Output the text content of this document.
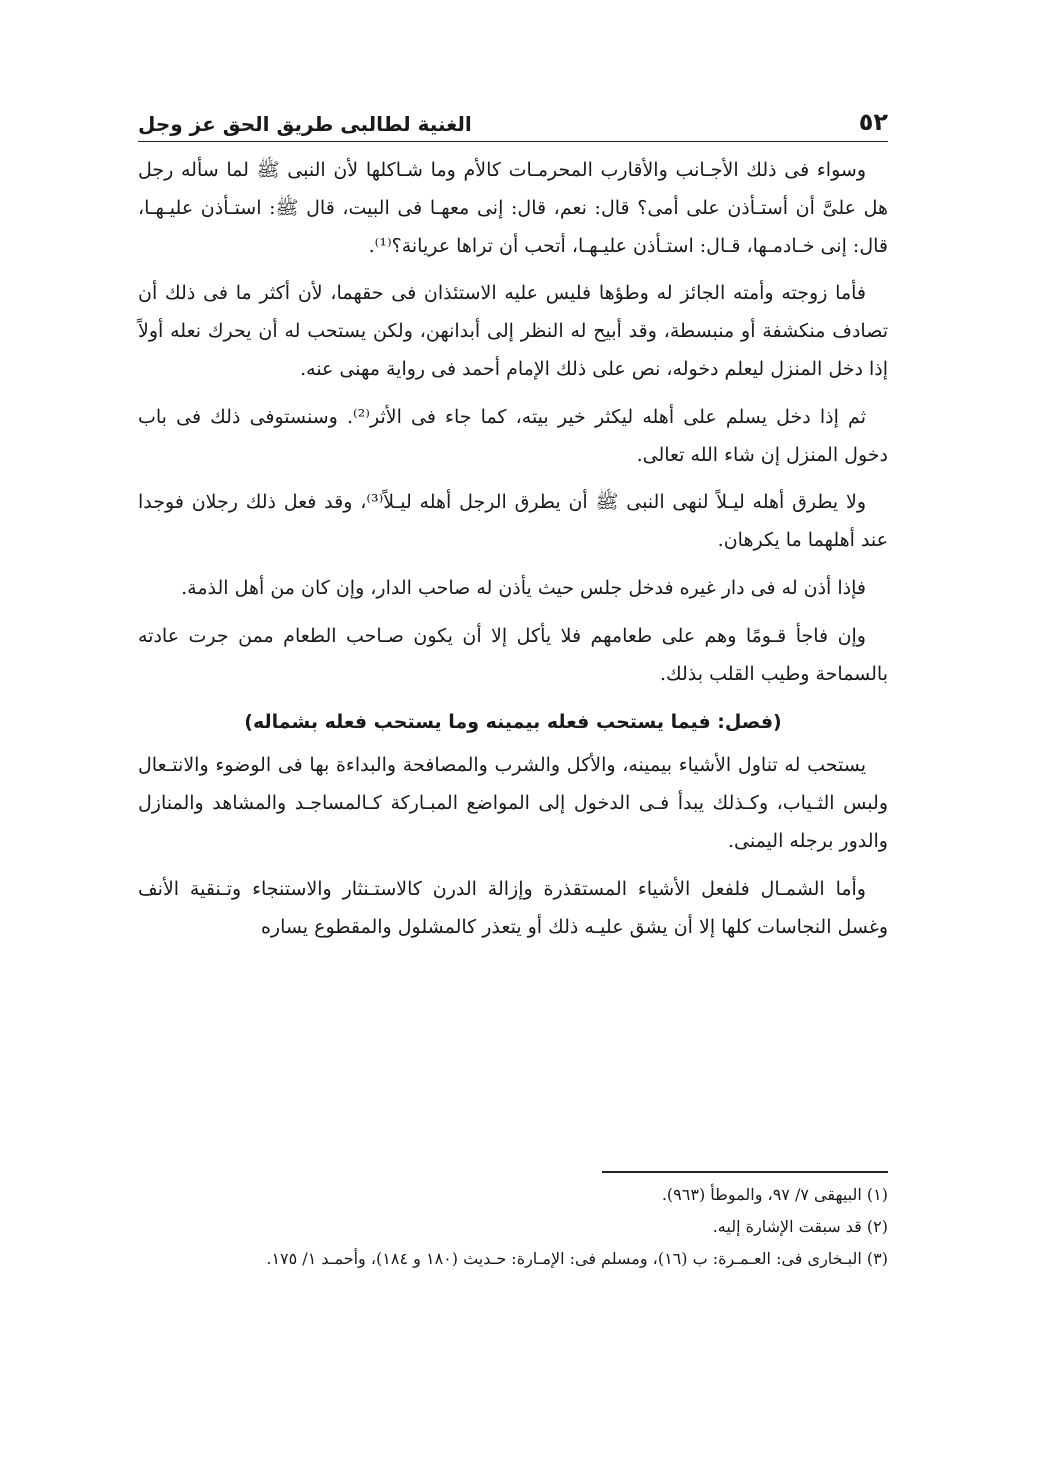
٥٢
الغنية لطالبى طريق الحق عز وجل

وسواء فى ذلك الأجـانب والأقارب المحرمـات كالأم وما شـاكلها لأن النبى ﷺ لما سأله رجل هل علىَّ أن أستـأذن على أمى؟ قال: نعم، قال: إنى معهـا فى البيت، قال ﷺ: استـأذن عليـهـا، قال: إنى خـادمـها، قـال: استـأذن عليـهـا، أتحب أن تراها عريانة؟⁽¹⁾.

فأما زوجته وأمته الجائز له وطؤها فليس عليه الاستئذان فى حقهما، لأن أكثر ما فى ذلك أن تصادف منكشفة أو منبسطة، وقد أبيح له النظر إلى أبدانهن، ولكن يستحب له أن يحرك نعله أولاً إذا دخل المنزل ليعلم دخوله، نص على ذلك الإمام أحمد فى رواية مهنى عنه.

ثم إذا دخل يسلم على أهله ليكثر خير بيته، كما جاء فى الأثر⁽²⁾. وسنستوفى ذلك فى باب دخول المنزل إن شاء الله تعالى.

ولا يطرق أهله ليـلاً لنهى النبى ﷺ أن يطرق الرجل أهله ليـلاً⁽³⁾، وقد فعل ذلك رجلان فوجدا عند أهلهما ما يكرهان.

فإذا أذن له فى دار غيره فدخل جلس حيث يأذن له صاحب الدار، وإن كان من أهل الذمة.

وإن فاجأ قـومًا وهم على طعامهم فلا يأكل إلا أن يكون صـاحب الطعام ممن جرت عادته بالسماحة وطيب القلب بذلك.

(فصل: فيما يستحب فعله بيمينه وما يستحب فعله بشماله)

يستحب له تناول الأشياء بيمينه، والأكل والشرب والمصافحة والبداءة بها فى الوضوء والانتـعال ولبس الثـياب، وكـذلك يبدأ فـى الدخول إلى المواضع المبـاركة كـالمساجـد والمشاهد والمنازل والدور برجله اليمنى.

وأما الشمـال فلفعل الأشياء المستقذرة وإزالة الدرن كالاستـنثار والاستنجاء وتـنقية الأنف وغسل النجاسات كلها إلا أن يشق عليـه ذلك أو يتعذر كالمشلول والمقطوع يساره

(١) البيهقى ٧/ ٩٧، والموطأ (٩٦٣).
(٢) قد سبقت الإشارة إليه.
(٣) البـخارى فى: العـمـرة: ب (١٦)، ومسلم فى: الإمـارة: حـديث (١٨٠ و ١٨٤)، وأحمـد ١/ ١٧٥.
